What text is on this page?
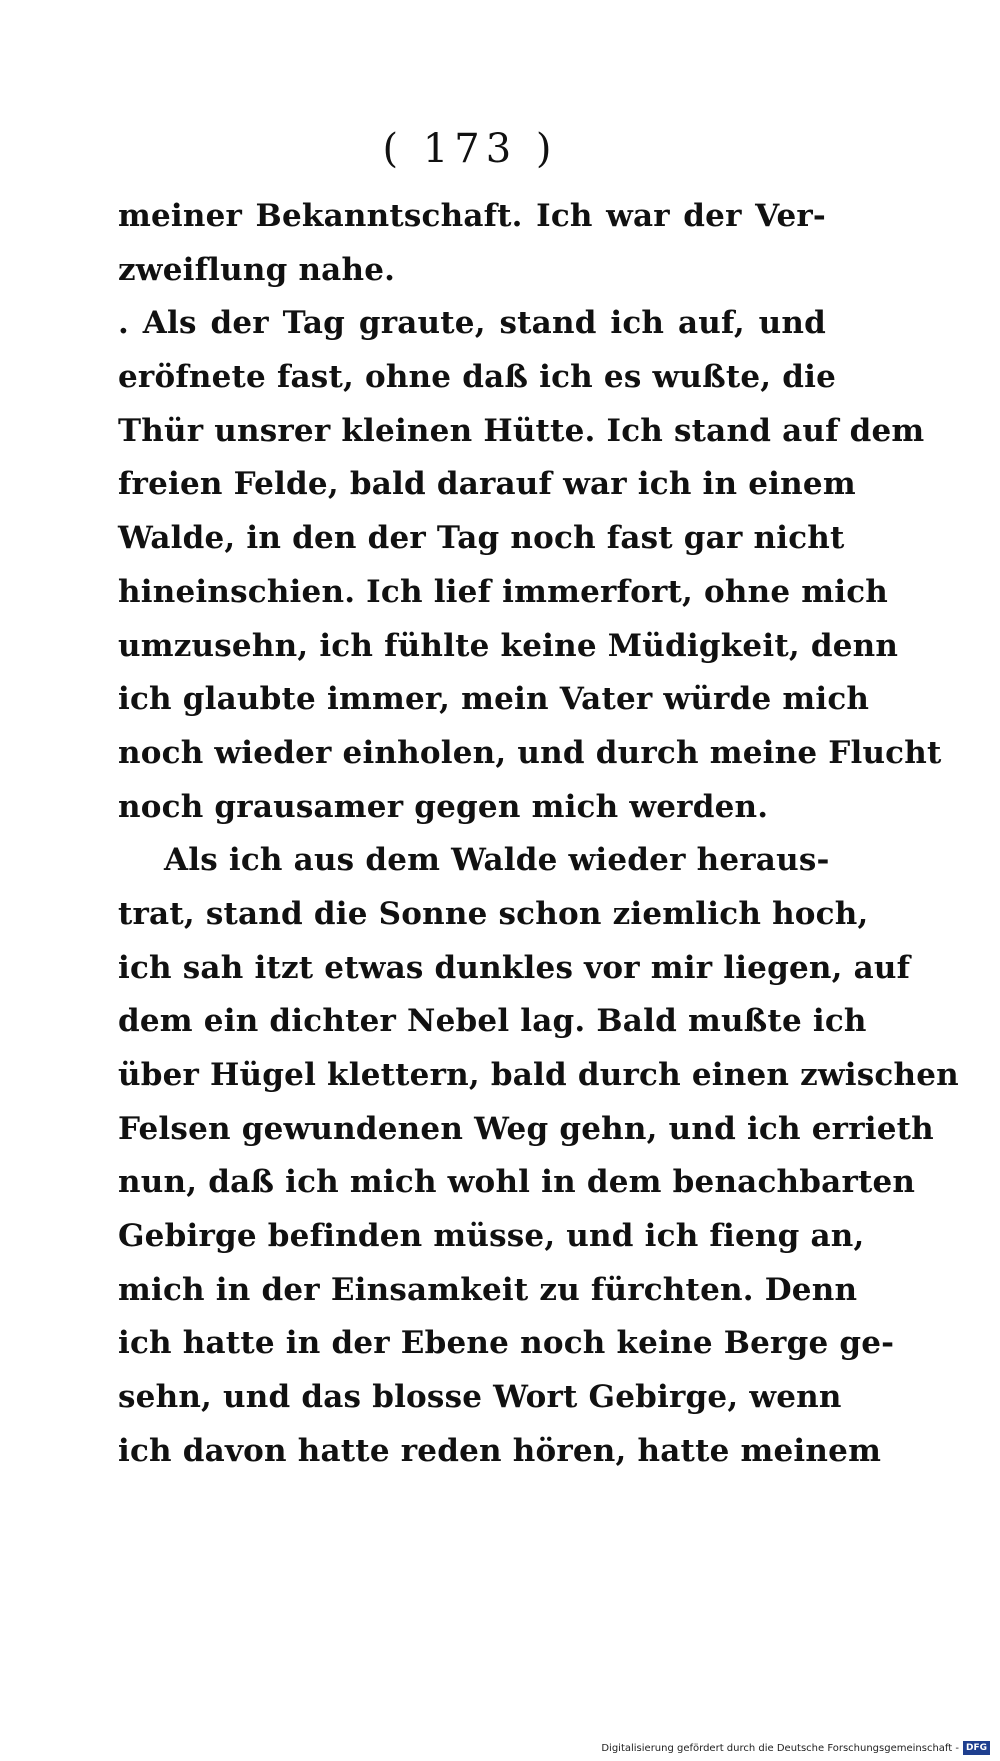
( 173 )
meiner Bekanntschaft. Ich war der Ver-
zweiflung nahe.
. Als der Tag graute, stand ich auf, und
eröfnete fast, ohne daß ich es wußte, die
Thür unsrer kleinen Hütte. Ich stand auf dem
freien Felde, bald darauf war ich in einem
Walde, in den der Tag noch fast gar nicht
hineinschien. Ich lief immerfort, ohne mich
umzusehn, ich fühlte keine Müdigkeit, denn
ich glaubte immer, mein Vater würde mich
noch wieder einholen, und durch meine Flucht
noch grausamer gegen mich werden.
Als ich aus dem Walde wieder heraus-
trat, stand die Sonne schon ziemlich hoch,
ich sah itzt etwas dunkles vor mir liegen, auf
dem ein dichter Nebel lag. Bald mußte ich
über Hügel klettern, bald durch einen zwischen
Felsen gewundenen Weg gehn, und ich errieth
nun, daß ich mich wohl in dem benachbarten
Gebirge befinden müsse, und ich fieng an,
mich in der Einsamkeit zu fürchten. Denn
ich hatte in der Ebene noch keine Berge ge-
sehn, und das blosse Wort Gebirge, wenn
ich davon hatte reden hören, hatte meinem
Digitalisierung gefördert durch die Deutsche Forschungsgemeinschaft - DFG
